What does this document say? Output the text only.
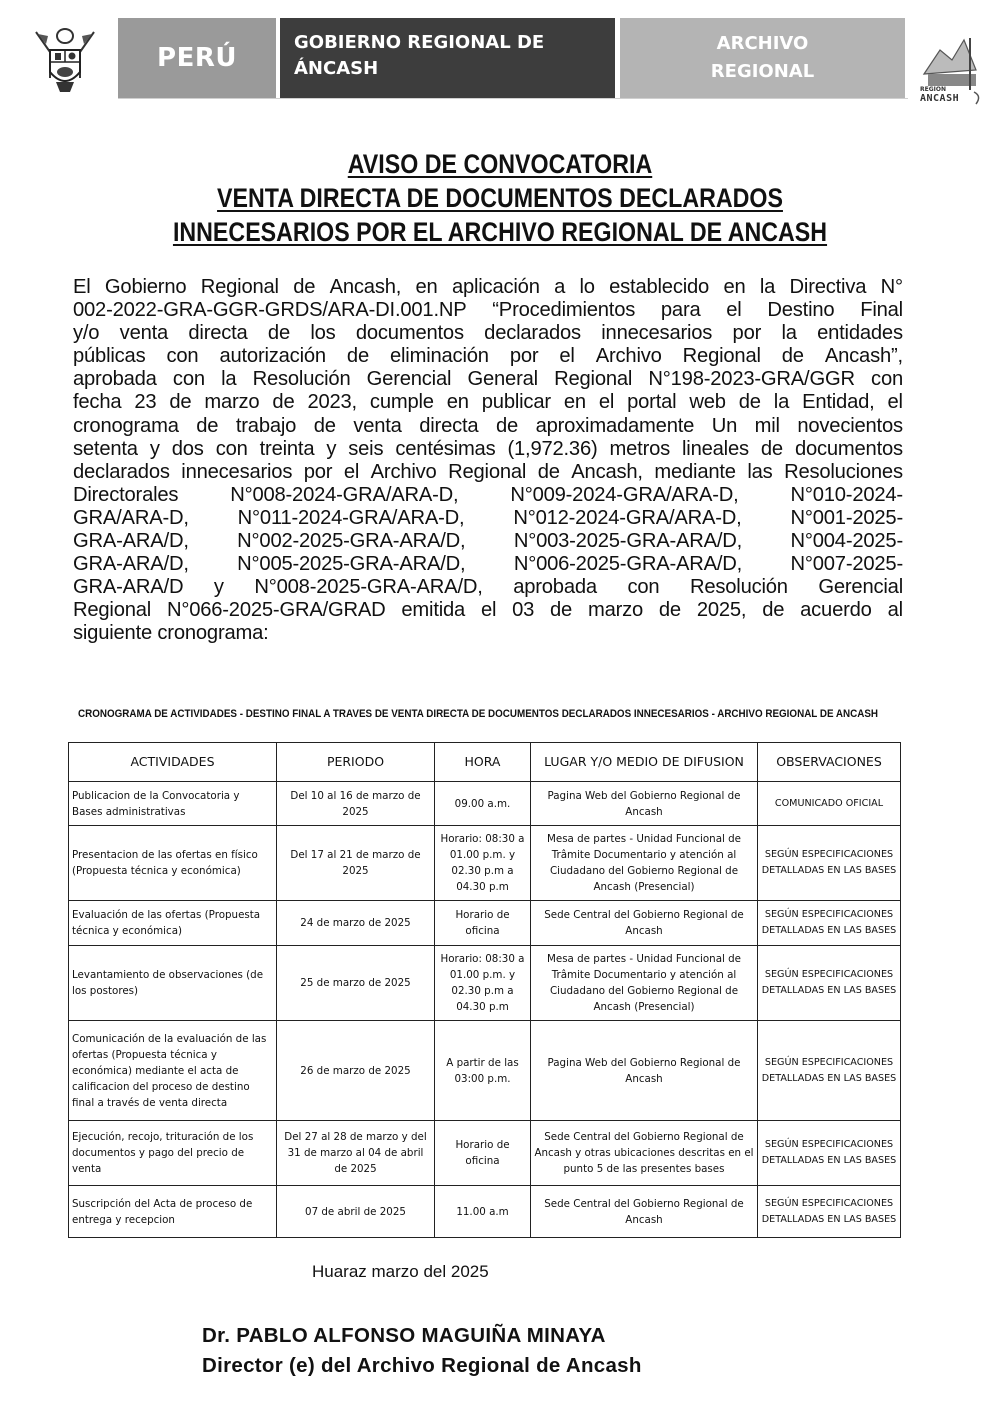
PERÚ
GOBIERNO REGIONAL DE
ÁNCASH
ARCHIVO
REGIONAL
REGION
ANCASH
AVISO DE CONVOCATORIA
VENTA DIRECTA DE DOCUMENTOS DECLARADOS
INNECESARIOS POR EL ARCHIVO REGIONAL DE ANCASH
El Gobierno Regional de Ancash, en aplicación a lo establecido en la Directiva N°
002-2022-GRA-GGR-GRDS/ARA-DI.001.NP “Procedimientos para el Destino Final
y/o venta directa de los documentos declarados innecesarios por la entidades
públicas con autorización de eliminación por el Archivo Regional de Ancash”,
aprobada con la Resolución Gerencial General Regional N°198-2023-GRA/GGR con
fecha 23 de marzo de 2023, cumple en publicar en el portal web de la Entidad, el
cronograma de trabajo de venta directa de aproximadamente Un mil novecientos
setenta y dos con treinta y seis centésimas (1,972.36) metros lineales de documentos
declarados innecesarios por el Archivo Regional de Ancash, mediante las Resoluciones
Directorales	N°008-2024-GRA/ARA-D,	N°009-2024-GRA/ARA-D,	N°010-2024-
GRA/ARA-D, N°011-2024-GRA/ARA-D, N°012-2024-GRA/ARA-D, N°001-2025-
GRA-ARA/D, N°002-2025-GRA-ARA/D, N°003-2025-GRA-ARA/D, N°004-2025-
GRA-ARA/D, N°005-2025-GRA-ARA/D, N°006-2025-GRA-ARA/D, N°007-2025-
GRA-ARA/D y N°008-2025-GRA-ARA/D, aprobada con Resolución Gerencial
Regional N°066-2025-GRA/GRAD emitida el 03 de marzo de 2025, de acuerdo al
siguiente cronograma:
CRONOGRAMA DE ACTIVIDADES - DESTINO FINAL A TRAVES DE VENTA DIRECTA DE DOCUMENTOS DECLARADOS INNECESARIOS - ARCHIVO REGIONAL DE ANCASH
ACTIVIDADES	PERIODO	HORA	LUGAR Y/O MEDIO DE DIFUSION	OBSERVACIONES
Publicacion de la Convocatoria y Bases administrativas	Del 10 al 16 de marzo de 2025	09.00 a.m.	Pagina Web del Gobierno Regional de Ancash	COMUNICADO OFICIAL
Presentacion de las ofertas en físico (Propuesta técnica y económica)	Del 17 al 21 de marzo de 2025	Horario: 08:30 a 01.00 p.m. y 02.30 p.m a 04.30 p.m	Mesa de partes - Unidad Funcional de Trâmite Documentario y atención al Ciudadano del Gobierno Regional de Ancash (Presencial)	SEGÚN ESPECIFICACIONES DETALLADAS EN LAS BASES
Evaluación de las ofertas (Propuesta técnica y económica)	24 de marzo de 2025	Horario de oficina	Sede Central del Gobierno Regional de Ancash	SEGÚN ESPECIFICACIONES DETALLADAS EN LAS BASES
Levantamiento de observaciones (de los postores)	25 de marzo de 2025	Horario: 08:30 a 01.00 p.m. y 02.30 p.m a 04.30 p.m	Mesa de partes - Unidad Funcional de Trâmite Documentario y atención al Ciudadano del Gobierno Regional de Ancash (Presencial)	SEGÚN ESPECIFICACIONES DETALLADAS EN LAS BASES
Comunicación de la evaluación de las ofertas (Propuesta técnica y económica) mediante el acta de calificacion del proceso de destino final a través de venta directa	26 de marzo de 2025	A partir de las 03:00 p.m.	Pagina Web del Gobierno Regional de Ancash	SEGÚN ESPECIFICACIONES DETALLADAS EN LAS BASES
Ejecución, recojo, trituración de los documentos y pago del precio de venta	Del 27 al 28 de marzo y del 31 de marzo al 04 de abril de 2025	Horario de oficina	Sede Central del Gobierno Regional de Ancash y otras ubicaciones descritas en el punto 5 de las presentes bases	SEGÚN ESPECIFICACIONES DETALLADAS EN LAS BASES
Suscripción del Acta de proceso de entrega y recepcion	07 de abril de 2025	11.00 a.m	Sede Central del Gobierno Regional de Ancash	SEGÚN ESPECIFICACIONES DETALLADAS EN LAS BASES
Huaraz marzo del 2025
Dr. PABLO ALFONSO MAGUIÑA MINAYA
Director (e) del Archivo Regional de Ancash
